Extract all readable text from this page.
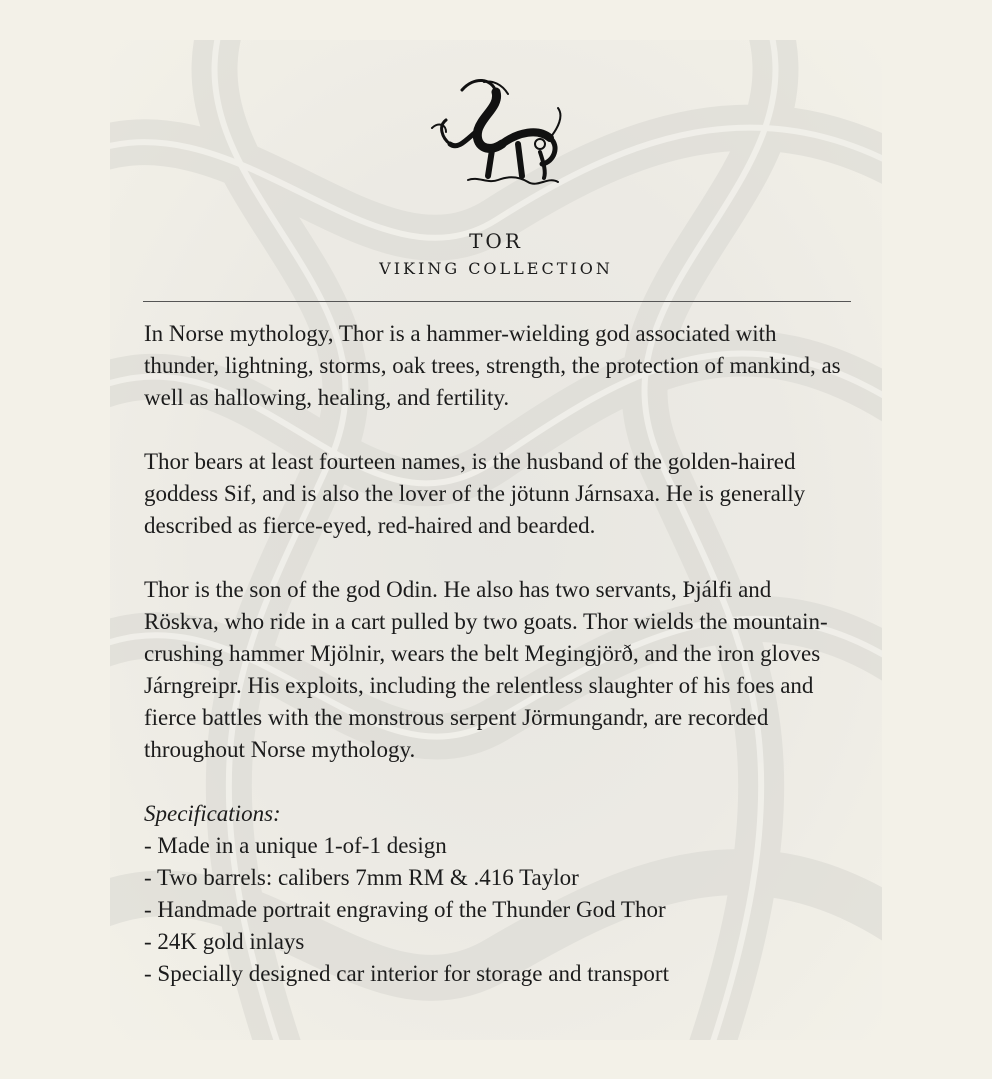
TOR
VIKING COLLECTION

In Norse mythology, Thor is a hammer-wielding god associated with thunder, lightning, storms, oak trees, strength, the protection of mankind, as well as hallowing, healing, and fertility.

Thor bears at least fourteen names, is the husband of the golden-haired goddess Sif, and is also the lover of the jötunn Járnsaxa. He is generally described as fierce-eyed, red-haired and bearded.

Thor is the son of the god Odin. He also has two servants, Þjálfi and Röskva, who ride in a cart pulled by two goats. Thor wields the mountain-crushing hammer Mjölnir, wears the belt Megingjörð, and the iron gloves Járngreipr. His exploits, including the relentless slaughter of his foes and fierce battles with the monstrous serpent Jörmungandr, are recorded throughout Norse mythology.

Specifications:
- Made in a unique 1-of-1 design
- Two barrels: calibers 7mm RM & .416 Taylor
- Handmade portrait engraving of the Thunder God Thor
- 24K gold inlays
- Specially designed car interior for storage and transport
